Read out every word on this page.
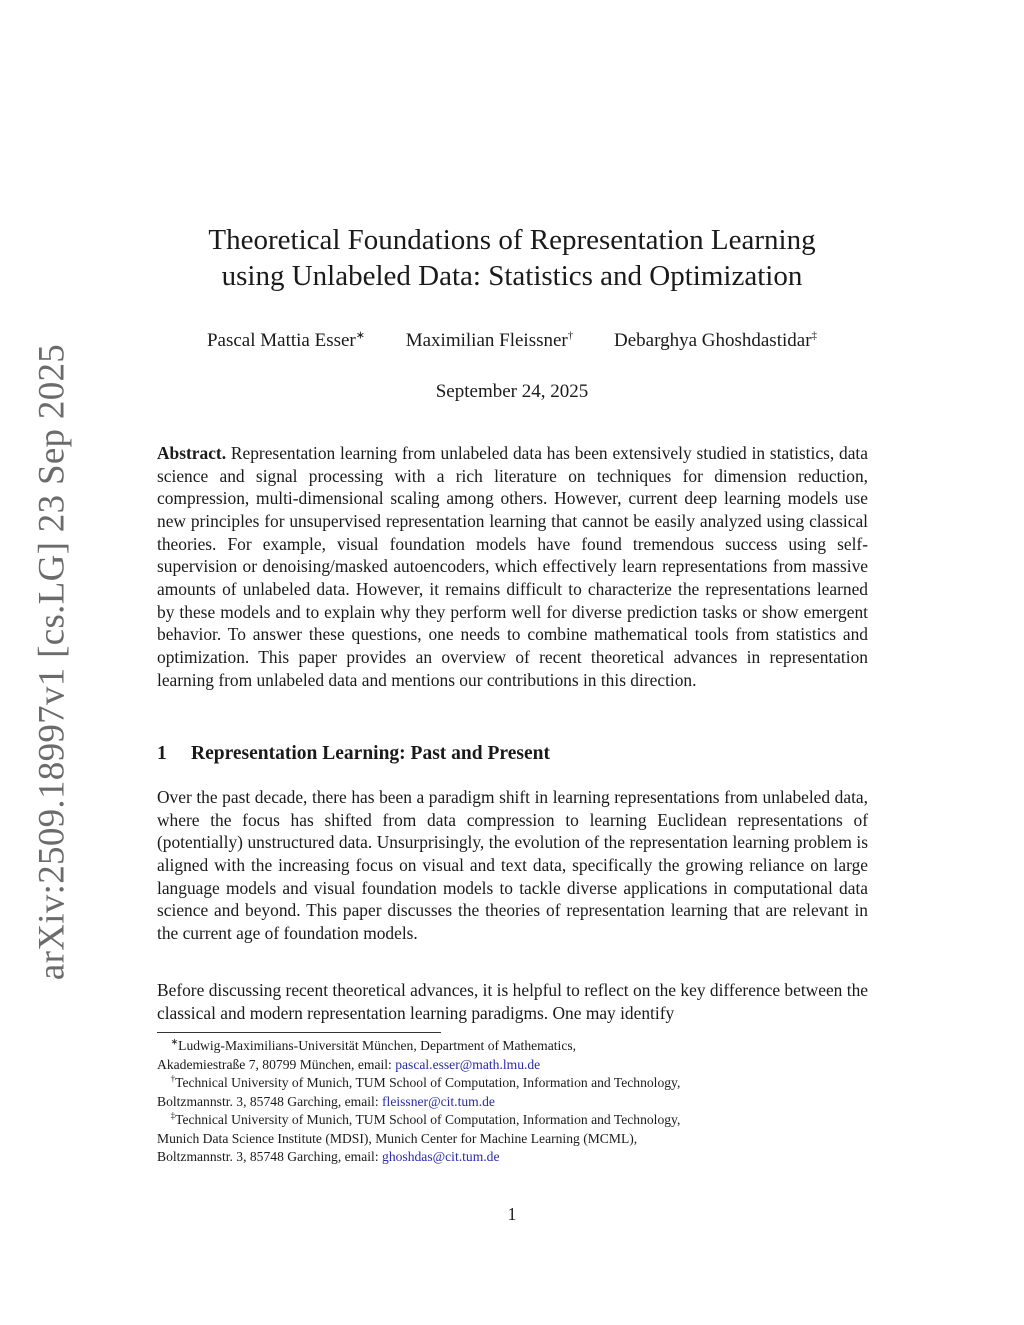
arXiv:2509.18997v1 [cs.LG] 23 Sep 2025
Theoretical Foundations of Representation Learning
using Unlabeled Data: Statistics and Optimization
Pascal Mattia Esser∗ Maximilian Fleissner† Debarghya Ghoshdastidar‡
September 24, 2025
Abstract. Representation learning from unlabeled data has been extensively studied in statistics, data science and signal processing with a rich literature on techniques for dimension reduction, compression, multi-dimensional scaling among others. However, current deep learning models use new principles for unsupervised representation learning that cannot be easily analyzed using classical theories. For example, visual foundation models have found tremendous success using self-supervision or denoising/masked autoencoders, which effectively learn representations from massive amounts of unlabeled data. However, it remains difficult to characterize the representations learned by these models and to explain why they perform well for diverse prediction tasks or show emergent behavior. To answer these questions, one needs to combine mathematical tools from statistics and optimization. This paper provides an overview of recent theoretical advances in representation learning from unlabeled data and mentions our contributions in this direction.
1 Representation Learning: Past and Present
Over the past decade, there has been a paradigm shift in learning representations from unlabeled data, where the focus has shifted from data compression to learning Euclidean representations of (potentially) unstructured data. Unsurprisingly, the evolution of the representation learning problem is aligned with the increasing focus on visual and text data, specifically the growing reliance on large language models and visual foundation models to tackle diverse applications in computational data science and beyond. This paper discusses the theories of representation learning that are relevant in the current age of foundation models.
Before discussing recent theoretical advances, it is helpful to reflect on the key difference between the classical and modern representation learning paradigms. One may identify
∗Ludwig-Maximilians-Universität München, Department of Mathematics,
Akademiestraße 7, 80799 München, email: pascal.esser@math.lmu.de
†Technical University of Munich, TUM School of Computation, Information and Technology,
Boltzmannstr. 3, 85748 Garching, email: fleissner@cit.tum.de
‡Technical University of Munich, TUM School of Computation, Information and Technology,
Munich Data Science Institute (MDSI), Munich Center for Machine Learning (MCML),
Boltzmannstr. 3, 85748 Garching, email: ghoshdas@cit.tum.de
1
